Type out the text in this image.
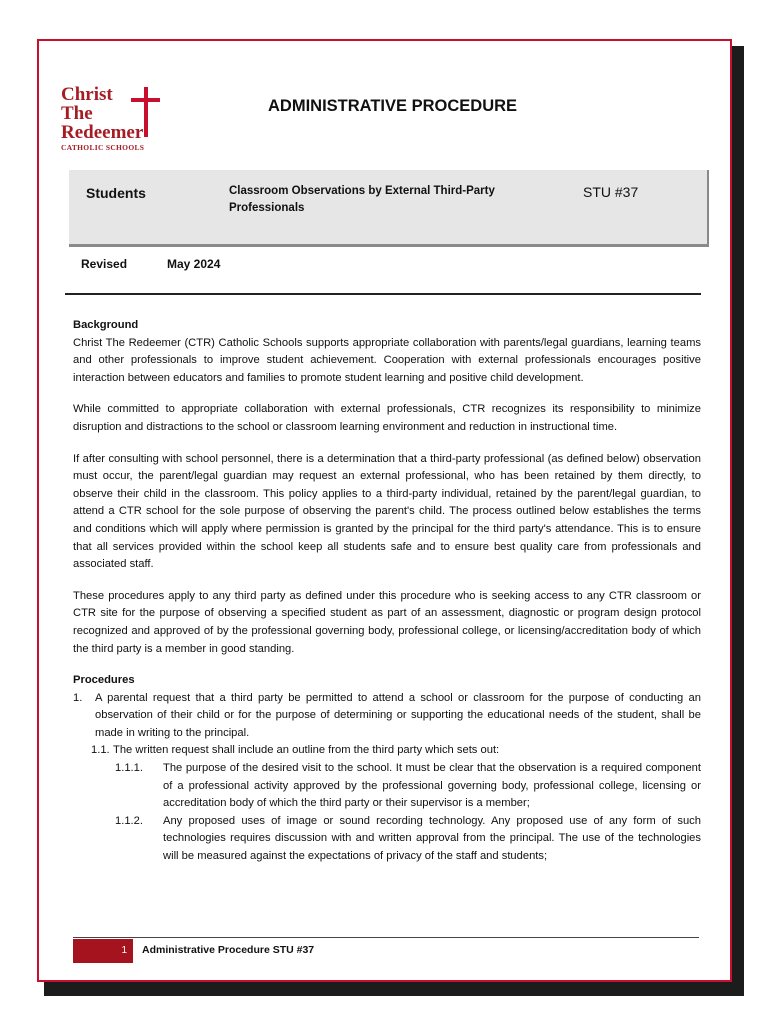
Christ
The
Redeemer
CATHOLIC SCHOOLS
ADMINISTRATIVE PROCEDURE
Students	Classroom Observations by External Third-Party Professionals
STU #37
Revised	May 2024
Background

Christ The Redeemer (CTR) Catholic Schools supports appropriate collaboration with parents/legal guardians, learning teams and other professionals to improve student achievement. Cooperation with external professionals encourages positive interaction between educators and families to promote student learning and positive child development.

While committed to appropriate collaboration with external professionals, CTR recognizes its responsibility to minimize disruption and distractions to the school or classroom learning environment and reduction in instructional time.

If after consulting with school personnel, there is a determination that a third-party professional (as defined below) observation must occur, the parent/legal guardian may request an external professional, who has been retained by them directly, to observe their child in the classroom. This policy applies to a third-party individual, retained by the parent/legal guardian, to attend a CTR school for the sole purpose of observing the parent's child. The process outlined below establishes the terms and conditions which will apply where permission is granted by the principal for the third party's attendance. This is to ensure that all services provided within the school keep all students safe and to ensure best quality care from professionals and associated staff.

These procedures apply to any third party as defined under this procedure who is seeking access to any CTR classroom or CTR site for the purpose of observing a specified student as part of an assessment, diagnostic or program design protocol recognized and approved of by the professional governing body, professional college, or licensing/accreditation body of which the third party is a member in good standing.

Procedures
1. A parental request that a third party be permitted to attend a school or classroom for the purpose of conducting an observation of their child or for the purpose of determining or supporting the educational needs of the student, shall be made in writing to the principal.
1.1. The written request shall include an outline from the third party which sets out:
1.1.1. The purpose of the desired visit to the school. It must be clear that the observation is a required component of a professional activity approved by the professional governing body, professional college, licensing or accreditation body of which the third party or their supervisor is a member;
1.1.2. Any proposed uses of image or sound recording technology. Any proposed use of any form of such technologies requires discussion with and written approval from the principal. The use of the technologies will be measured against the expectations of privacy of the staff and students;
1	Administrative Procedure STU #37
